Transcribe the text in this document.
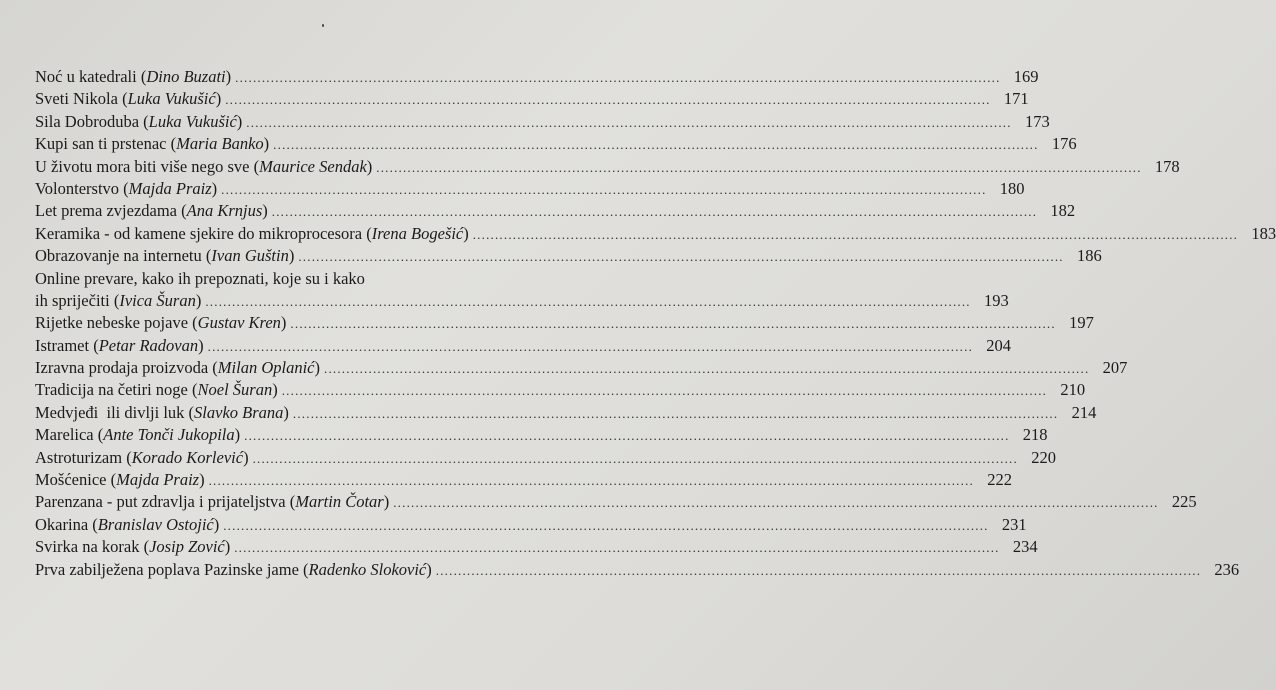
Noć u katedrali (Dino Buzati) .....	169
Sveti Nikola (Luka Vukušić) .....	171
Sila Dobroduba (Luka Vukušić) .....	173
Kupi san ti prstenac (Maria Banko) .....	176
U životu mora biti više nego sve (Maurice Sendak) .....	178
Volonterstvo (Majda Praiz) .....	180
Let prema zvjezdama (Ana Krnjus) .....	182
Keramika - od kamene sjekire do mikroprocesora (Irena Bogešić) .....	183
Obrazovanje na internetu (Ivan Guštin) .....	186
Online prevare, kako ih prepoznati, koje su i kako
ih spriječiti (Ivica Šuran) .....	193
Rijetke nebeske pojave (Gustav Kren) .....	197
Istramet (Petar Radovan) .....	204
Izravna prodaja proizvoda (Milan Oplanić) .....	207
Tradicija na četiri noge (Noel Šuran) .....	210
Medvjeđi  ili divlji luk (Slavko Brana) .....	214
Marelica (Ante Tonči Jukopila) .....	218
Astroturizam (Korado Korlević) .....	220
Mošćenice (Majda Praiz) .....	222
Parenzana - put zdravlja i prijateljstva (Martin Čotar) .....	225
Okarina (Branislav Ostojić) .....	231
Svirka na korak (Josip Zović) .....	234
Prva zabilježena poplava Pazinske jame (Radenko Sloković) .....	236
